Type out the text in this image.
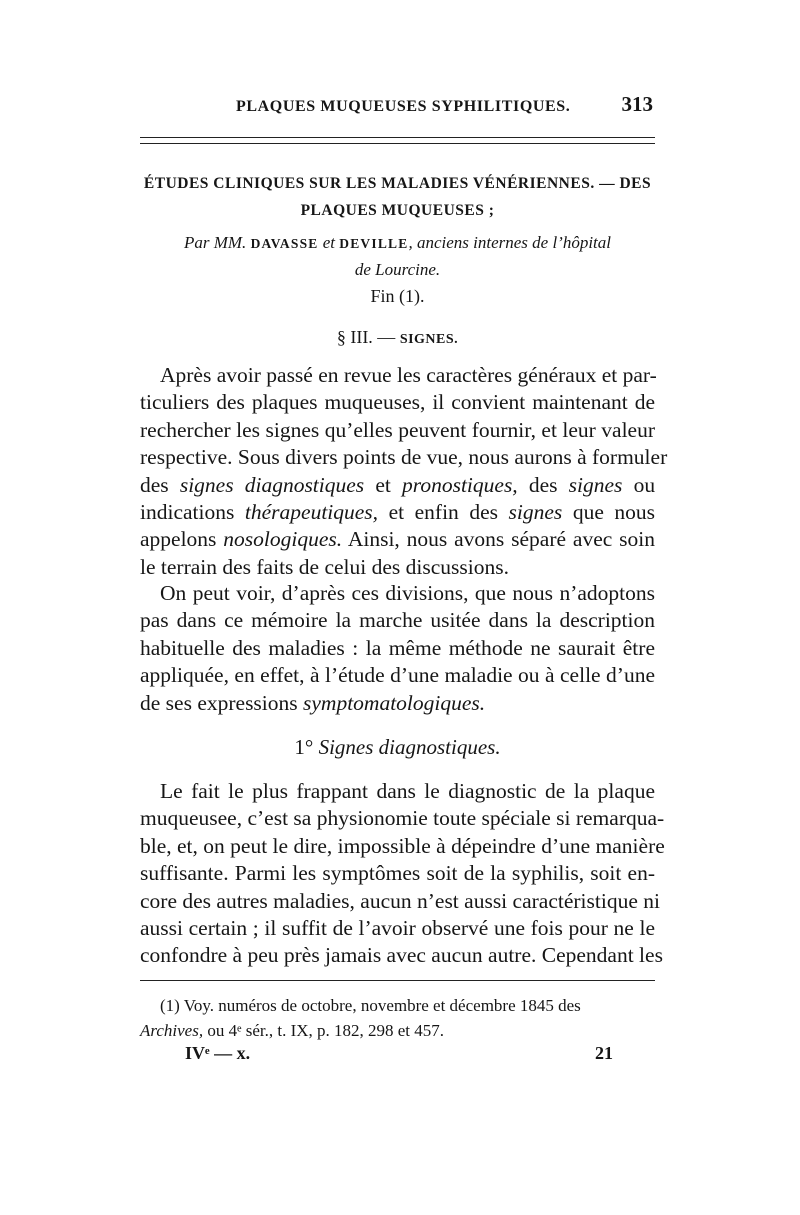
PLAQUES MUQUEUSES SYPHILITIQUES. 313
ÉTUDES CLINIQUES SUR LES MALADIES VÉNÉRIENNES. — DES
PLAQUES MUQUEUSES ;
Par MM. DAVASSE et DEVILLE, anciens internes de l’hôpital
de Lourcine.
Fin (1).
§ III. — SIGNES.
Après avoir passé en revue les caractères généraux et par-
ticuliers des plaques muqueuses, il convient maintenant de
rechercher les signes qu’elles peuvent fournir, et leur valeur
respective. Sous divers points de vue, nous aurons à formuler
des signes diagnostiques et pronostiques, des signes ou
indications thérapeutiques, et enfin des signes que nous
appelons nosologiques. Ainsi, nous avons séparé avec soin
le terrain des faits de celui des discussions.
On peut voir, d’après ces divisions, que nous n’adoptons
pas dans ce mémoire la marche usitée dans la description
habituelle des maladies : la même méthode ne saurait être
appliquée, en effet, à l’étude d’une maladie ou à celle d’une
de ses expressions symptomatologiques.
1° Signes diagnostiques.
Le fait le plus frappant dans le diagnostic de la plaque
muqueusee, c’est sa physionomie toute spéciale si remarqua-
ble, et, on peut le dire, impossible à dépeindre d’une manière
suffisante. Parmi les symptômes soit de la syphilis, soit en-
core des autres maladies, aucun n’est aussi caractéristique ni
aussi certain ; il suffit de l’avoir observé une fois pour ne le
confondre à peu près jamais avec aucun autre. Cependant les
(1) Voy. numéros de octobre, novembre et décembre 1845 des
Archives, ou 4ᵉ sér., t. IX, p. 182, 298 et 457.
IVᵉ — x.	21
